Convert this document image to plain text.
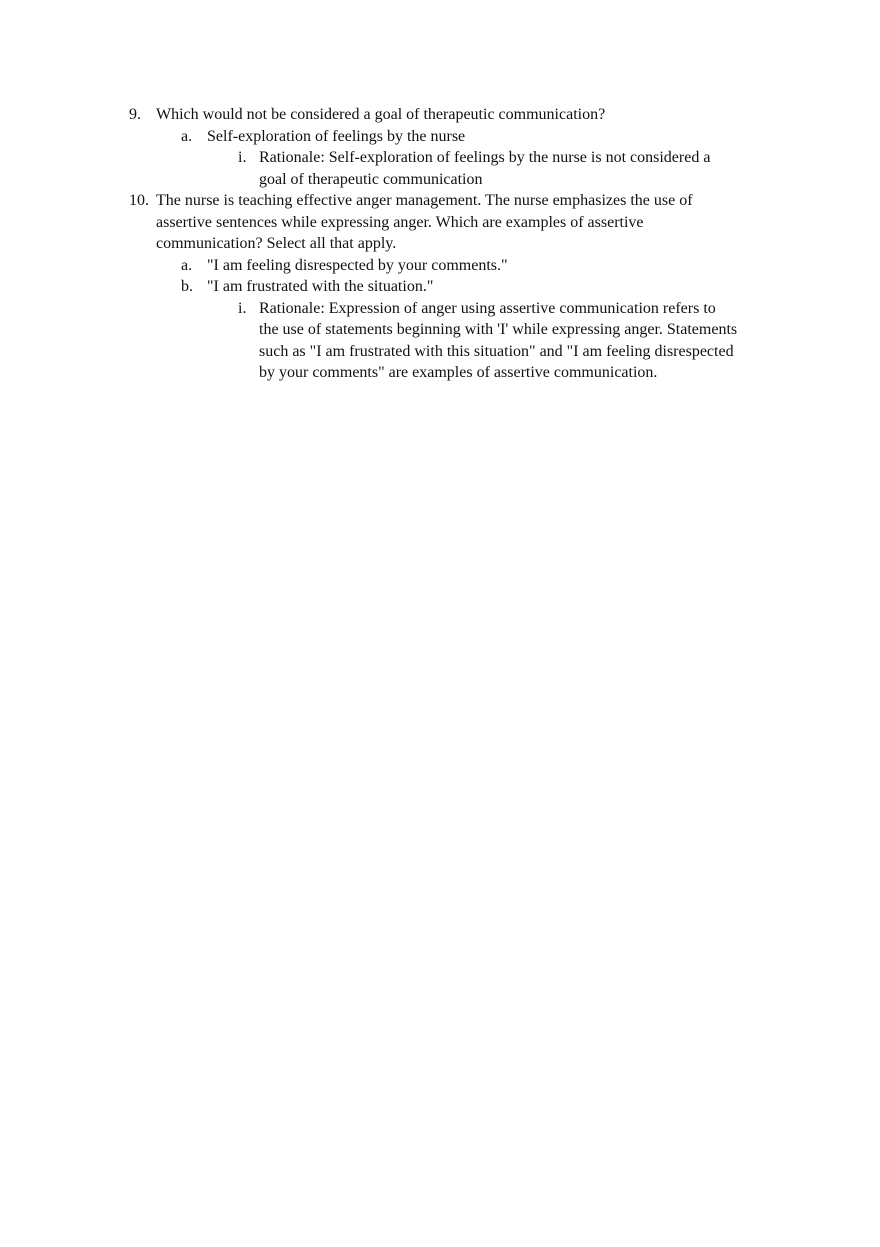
9. Which would not be considered a goal of therapeutic communication?
a. Self-exploration of feelings by the nurse
i. Rationale: Self-exploration of feelings by the nurse is not considered a
goal of therapeutic communication
10. The nurse is teaching effective anger management. The nurse emphasizes the use of
assertive sentences while expressing anger. Which are examples of assertive
communication? Select all that apply.
a. "I am feeling disrespected by your comments."
b. "I am frustrated with the situation."
i. Rationale: Expression of anger using assertive communication refers to
the use of statements beginning with 'I' while expressing anger. Statements
such as "I am frustrated with this situation" and "I am feeling disrespected
by your comments" are examples of assertive communication.
